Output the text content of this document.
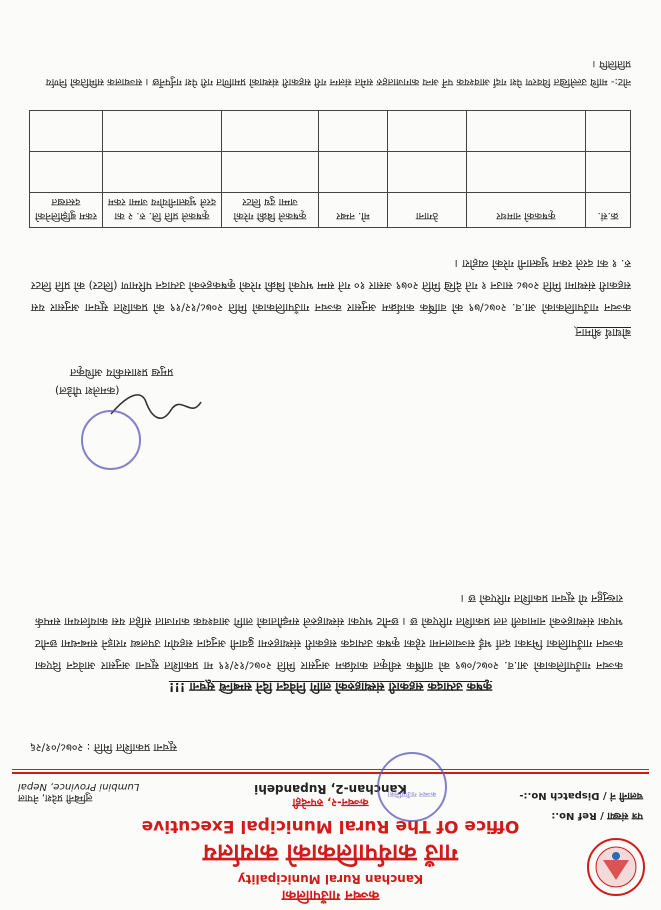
कञ्चन गाउँपालिका
Kanchan Rural Municipality
गाउँ कार्यपालिकाको कार्यालय
Office Of The Rural Municipal Executive
कञ्चन-२, रुपन्देही
Kanchan-2, Rupandehi
पत्र संख्या / Ref No.:
चलानी नं / Dispatch No.:-
लुम्बिनी प्रदेश, नेपाल
Lumbini Province, Nepal
कञ्चन गाउँपालिका
सूचना प्रकाशित मिति : २०७८/०१/२६
कृषक उत्पादक सहकारी संस्थाहरुको लागि निवेदन दिने सम्बन्धि सूचना !!!
कञ्चन गाउँपालिकाको आ.व. २०७८/०७९ को वार्षिक स्वीकृत कार्यक्रम अनुसार मिति २०७८/१२/१९ मा प्रकाशित सूचना अनुसार आवेदन दिएका कञ्चन गाउँपालिका भित्रका दर्ता भई सञ्चालनमा रहेका कृषक उत्पादक सहकारी संस्थाहरुमा ढुवानी अनुदान सहयोग उपलब्ध गराइने सम्बन्धमा छनौट भएका संस्थाहरुको नामावली तल प्रकाशित गरिएको छ । छनौट भएका संस्थाहरुले सम्झौताको लागि आवश्यक कागजात सहित यस कार्यालयमा सम्पर्क राख्नुहुन यो सूचना प्रकाशित गरिएको छ ।
(कमलेश पौडेल)
प्रमुख प्रशासकीय अधिकृत
बोधार्थ श्रीमान्
कञ्चन गाउँपालिकाको आ.व. २०७८/७९ को वार्षिक कार्यक्रम अनुसार कञ्चन गाउँपालिकाको मिति २०७८/१२/१९ को प्रकाशित सूचना अनुसार यस सहकारी संस्थामा मिति २०७८ साउन १ गते देखि मिति २०७९ असार १० गते सम्म भएको बिक्री गरेको कृषकहरुको उत्पादन परिमाण (लिटर) को प्रति लिटर रु. १ का दरले रकम भुक्तानी गरेको व्यहोरा ।
क्र.सं.	कृषकको नामथर	ठेगाना	मो. नम्बर	कृषकले बिक्री गरेको जम्मा दुध लिटर	कृषकले प्रति लि. रु. २ का दरले भुक्तानीयोग्य जम्मा रकम	रकम बुझिलिनेको दस्तखत

नोट:- माथि उल्लेखित विवरण पेश गर्दा आवश्यक पर्ने अन्य कागजातहरु समेत संलग्न गरी सहकारी संस्थाको प्रमाणित गरी पेश गर्नुपर्नेछ । सञ्चालक समितिको निर्णय प्रतिलिपि ।
